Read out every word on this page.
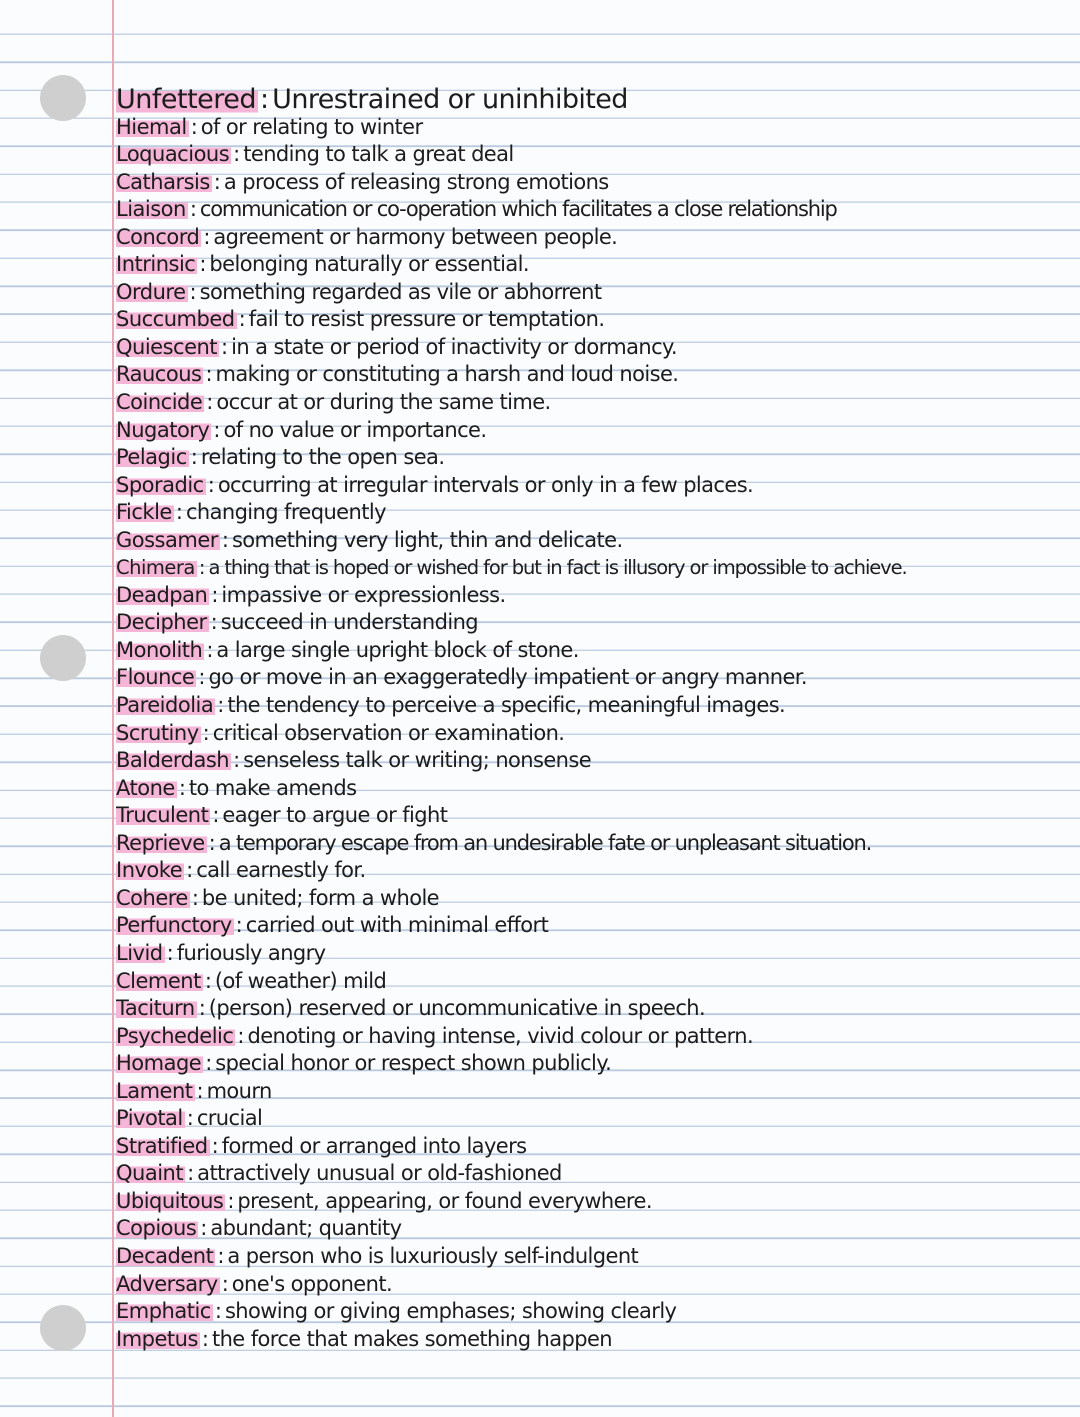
Unfettered : Unrestrained or uninhibited
Hiemal : of or relating to winter
Loquacious : tending to talk a great deal
Catharsis : a process of releasing strong emotions
Liaison : communication or co-operation which facilitates a close relationship
Concord : agreement or harmony between people.
Intrinsic : belonging naturally or essential.
Ordure : something regarded as vile or abhorrent
Succumbed : fail to resist pressure or temptation.
Quiescent : in a state or period of inactivity or dormancy.
Raucous : making or constituting a harsh and loud noise.
Coincide : occur at or during the same time.
Nugatory : of no value or importance.
Pelagic : relating to the open sea.
Sporadic : occurring at irregular intervals or only in a few places.
Fickle : changing frequently
Gossamer : something very light, thin and delicate.
Chimera : a thing that is hoped or wished for but in fact is illusory or impossible to achieve.
Deadpan : impassive or expressionless.
Decipher : succeed in understanding
Monolith : a large single upright block of stone.
Flounce : go or move in an exaggeratedly impatient or angry manner.
Pareidolia : the tendency to perceive a specific, meaningful images.
Scrutiny : critical observation or examination.
Balderdash : senseless talk or writing; nonsense
Atone : to make amends
Truculent : eager to argue or fight
Reprieve : a temporary escape from an undesirable fate or unpleasant situation.
Invoke : call earnestly for.
Cohere : be united; form a whole
Perfunctory : carried out with minimal effort
Livid : furiously angry
Clement : (of weather) mild
Taciturn : (person) reserved or uncommunicative in speech.
Psychedelic : denoting or having intense, vivid colour or pattern.
Homage : special honor or respect shown publicly.
Lament : mourn
Pivotal : crucial
Stratified : formed or arranged into layers
Quaint : attractively unusual or old-fashioned
Ubiquitous : present, appearing, or found everywhere.
Copious : abundant; quantity
Decadent : a person who is luxuriously self-indulgent
Adversary : one's opponent.
Emphatic : showing or giving emphases; showing clearly
Impetus : the force that makes something happen
